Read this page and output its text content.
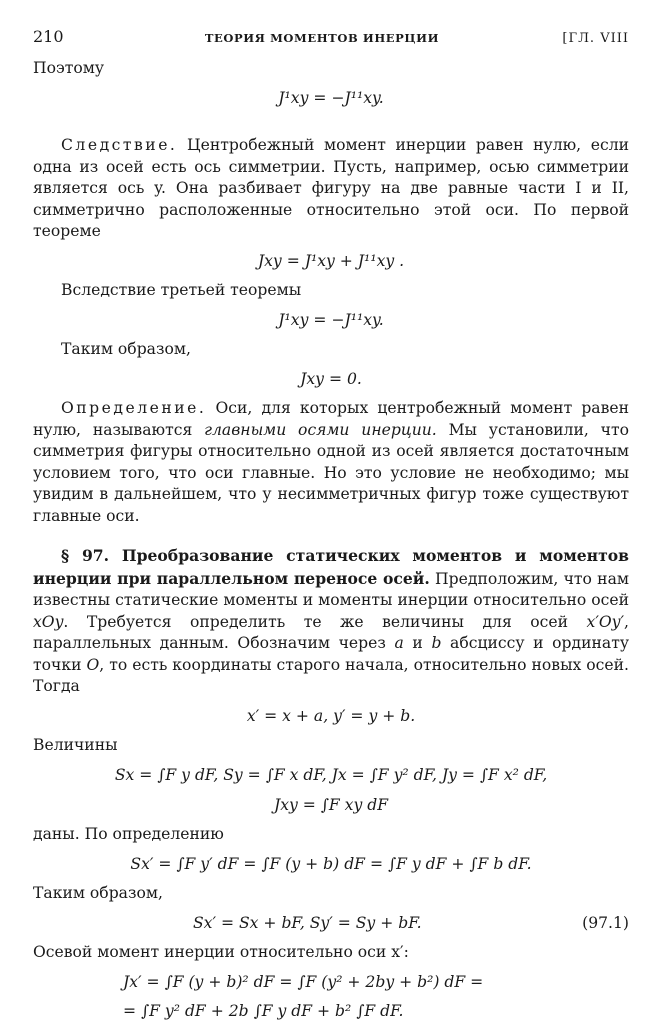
210	ТЕОРИЯ МОМЕНТОВ ИНЕРЦИИ	[ГЛ. VIII

Поэтому

J¹xy = −J¹¹xy.

Следствие. Центробежный момент инерции равен нулю, если одна из осей есть ось симметрии. Пусть, например, осью симметрии является ось y. Она разбивает фигуру на две равные части I и II, симметрично расположенные относительно этой оси. По первой теореме

Jxy = J¹xy + J¹¹xy .

Вследствие третьей теоремы

J¹xy = −J¹¹xy.

Таким образом,

Jxy = 0.

Определение. Оси, для которых центробежный момент равен нулю, называются главными осями инерции. Мы установили, что симметрия фигуры относительно одной из осей является достаточным условием того, что оси главные. Но это условие не необходимо; мы увидим в дальнейшем, что у несимметричных фигур тоже существуют главные оси.

§ 97. Преобразование статических моментов и моментов инерции при параллельном переносе осей. Предположим, что нам известны статические моменты и моменты инерции относительно осей xOy. Требуется определить те же величины для осей x′Oy′, параллельных данным. Обозначим через a и b абсциссу и ординату точки O, то есть координаты старого начала, относительно новых осей. Тогда

x′ = x + a, y′ = y + b.

Величины

Sx = ∫F y dF, Sy = ∫F x dF, Jx = ∫F y² dF, Jy = ∫F x² dF,
Jxy = ∫F xy dF

даны. По определению

Sx′ = ∫F y′ dF = ∫F (y + b) dF = ∫F y dF + ∫F b dF.

Таким образом,

Sx′ = Sx + bF, Sy′ = Sy + bF.	(97.1)

Осевой момент инерции относительно оси x′:

Jx′ = ∫F (y + b)² dF = ∫F (y² + 2by + b²) dF =
= ∫F y² dF + 2b ∫F y dF + b² ∫F dF.
